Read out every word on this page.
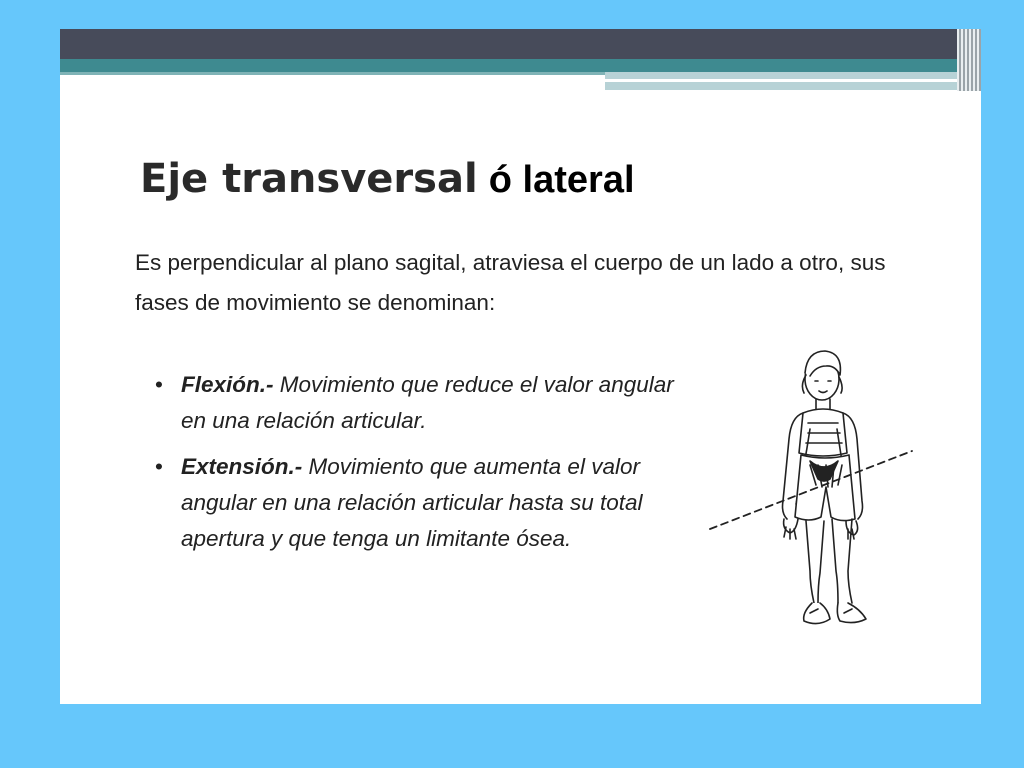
Eje transversal ó lateral

Es perpendicular al plano sagital, atraviesa el cuerpo de un lado a otro, sus fases de movimiento se denominan:

• Flexión.- Movimiento que reduce el valor angular en una relación articular.
• Extensión.- Movimiento que aumenta el valor angular en una relación articular hasta su total apertura y que tenga un limitante ósea.
